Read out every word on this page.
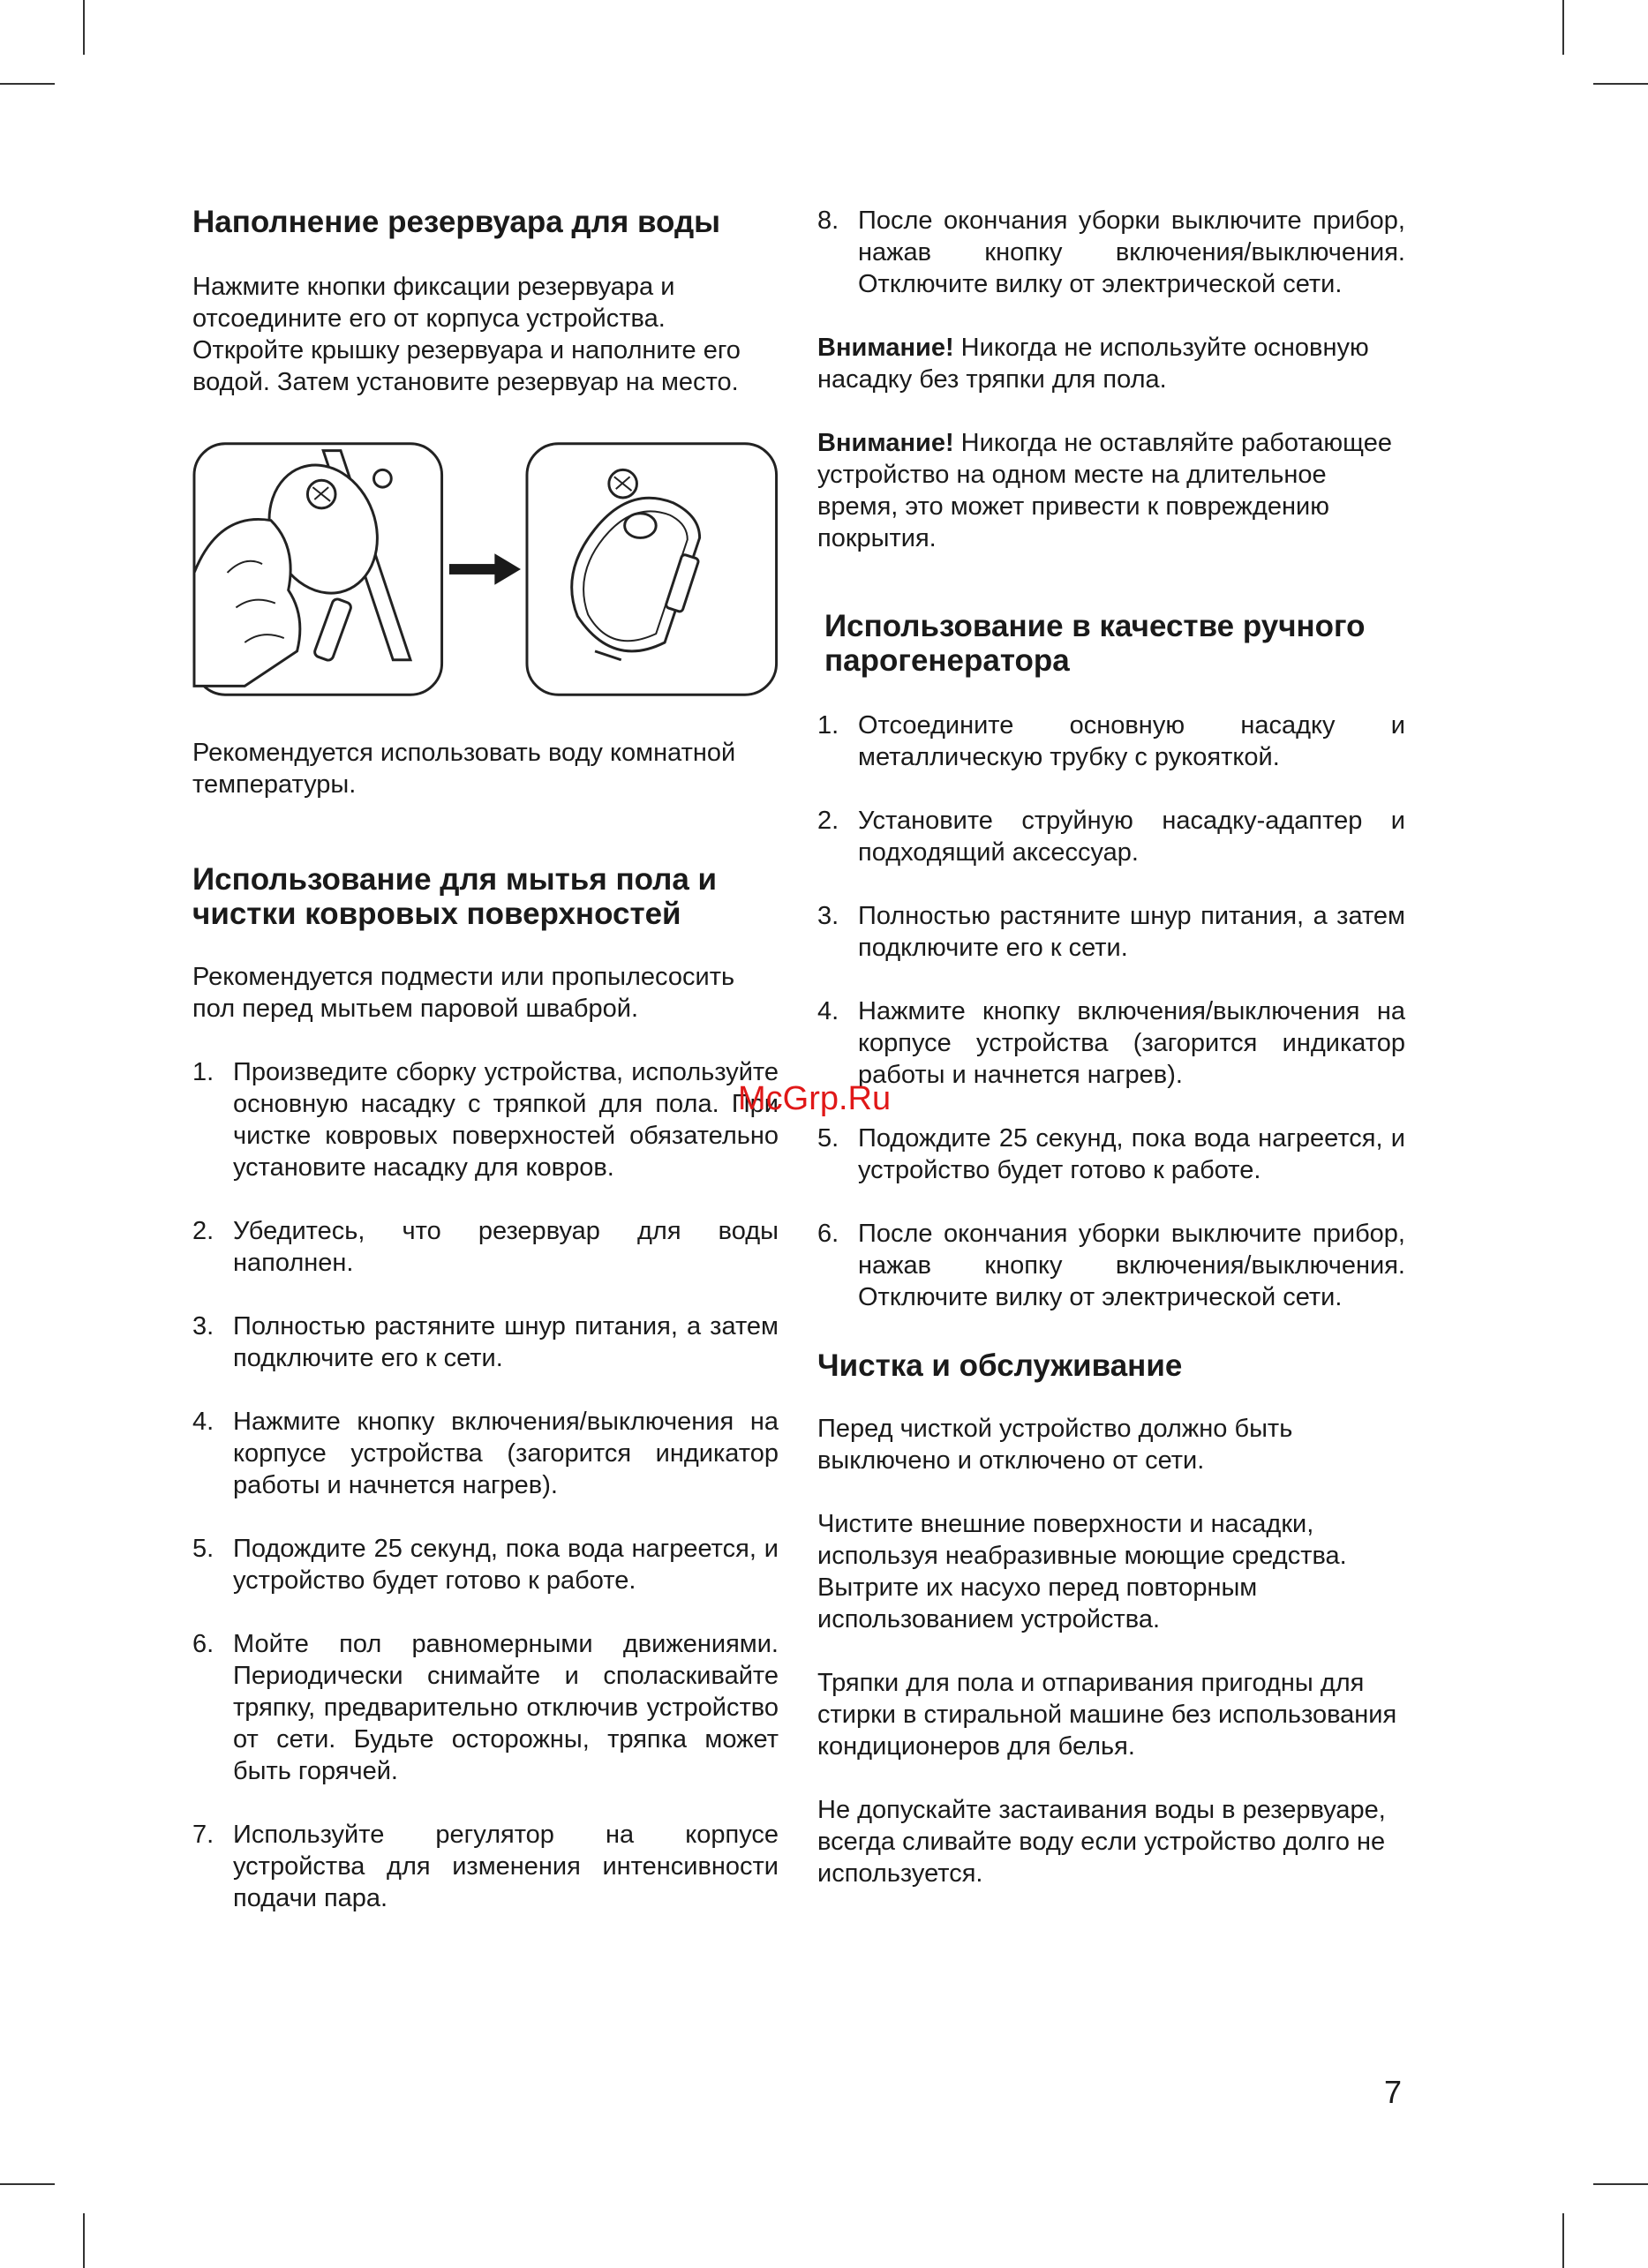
Наполнение резервуара для воды

Нажмите кнопки фиксации резервуара и отсоедините его от корпуса устройства. Откройте крышку резервуара и наполните его водой. Затем установите резервуар на место.

Рекомендуется использовать воду комнатной температуры.

Использование для мытья пола и чистки ковровых поверхностей

Рекомендуется подмести или пропылесосить пол перед мытьем паровой шваброй.

1. Произведите сборку устройства, используйте основную насадку с тряпкой для пола. При чистке ковровых поверхностей обязательно установите насадку для ковров.
2. Убедитесь, что резервуар для воды наполнен.
3. Полностью растяните шнур питания, а затем подключите его к сети.
4. Нажмите кнопку включения/выключения на корпусе устройства (загорится индикатор работы и начнется нагрев).
5. Подождите 25 секунд, пока вода нагреется, и устройство будет готово к работе.
6. Мойте пол равномерными движениями. Периодически снимайте и споласкивайте тряпку, предварительно отключив устройство от сети. Будьте осторожны, тряпка может быть горячей.
7. Используйте регулятор на корпусе устройства для изменения интенсивности подачи пара.
8. После окончания уборки выключите прибор, нажав кнопку включения/выключения. Отключите вилку от электрической сети.

Внимание! Никогда не используйте основную насадку без тряпки для пола.

Внимание! Никогда не оставляйте работающее устройство на одном месте на длительное время, это может привести к повреждению покрытия.

Использование в качестве ручного парогенератора
1. Отсоедините основную насадку и металлическую трубку с рукояткой.
2. Установите струйную насадку-адаптер и подходящий аксессуар.
3. Полностью растяните шнур питания, а затем подключите его к сети.
4. Нажмите кнопку включения/выключения на корпусе устройства (загорится индикатор работы и начнется нагрев).
5. Подождите 25 секунд, пока вода нагреется, и устройство будет готово к работе.
6. После окончания уборки выключите прибор, нажав кнопку включения/выключения. Отключите вилку от электрической сети.
Чистка и обслуживание

Перед чисткой устройство должно быть выключено и отключено от сети.

Чистите внешние поверхности и насадки, используя неабразивные моющие средства. Вытрите их насухо перед повторным использованием устройства.

Тряпки для пола и отпаривания пригодны для стирки в стиральной машине без использования кондиционеров для белья.

Не допускайте застаивания воды в резервуаре, всегда сливайте воду если устройство долго не используется.

McGrp.Ru
7
